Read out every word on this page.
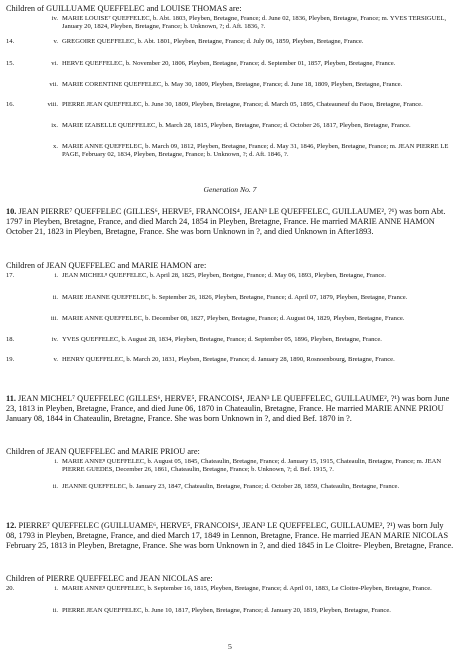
Children of GUILLUAME QUEFFELEC and LOUISE THOMAS are:
iv. MARIE LOUISE⁷ QUEFFELEC, b. Abt. 1803, Pleyben, Bretagne, France; d. June 02, 1836, Pleyben, Bretagne, France; m. YVES TERSIGUEL, January 20, 1824, Pleyben, Bretagne, France; b. Unknown, ?; d. Aft. 1836, ?.
14.	v. GREGOIRE QUEFFELEC, b. Abt. 1801, Pleyben, Bretagne, France; d. July 06, 1859, Pleyben, Bretagne, France.
15.	vi. HERVE QUEFFELEC, b. November 20, 1806, Pleyben, Bretagne, France; d. September 01, 1857, Pleyben, Bretagne, France.
vii. MARIE CORENTINE QUEFFELEC, b. May 30, 1809, Pleyben, Bretagne, France; d. June 18, 1809, Pleyben, Bretagne, France.
16.	viii. PIERRE JEAN QUEFFELEC, b. June 30, 1809, Pleyben, Bretagne, France; d. March 05, 1895, Chateauneuf du Faou, Bretagne, France.
ix. MARIE IZABELLE QUEFFELEC, b. March 28, 1815, Pleyben, Bretagne, France; d. October 26, 1817, Pleyben, Bretagne, France.
x. MARIE ANNE QUEFFELEC, b. March 09, 1812, Pleyben, Bretagne, France; d. May 31, 1846, Pleyben, Bretagne, France; m. JEAN PIERRE LE PAGE, February 02, 1834, Pleyben, Bretagne, France; b. Unknown, ?; d. Aft. 1846, ?.
Generation No. 7
10. JEAN PIERRE⁷ QUEFFELEC (GILLES⁶, HERVE⁵, FRANCOIS⁴, JEAN³ LE QUEFFELEC, GUILLAUME², ?¹) was born Abt. 1797 in Pleyben, Bretagne, France, and died March 24, 1854 in Pleyben, Bretagne, France. He married MARIE ANNE HAMON October 21, 1823 in Pleyben, Bretagne, France. She was born Unknown in ?, and died Unknown in After1893.
Children of JEAN QUEFFELEC and MARIE HAMON are:
17.	i. JEAN MICHEL⁸ QUEFFELEC, b. April 28, 1825, Pleyben, Bretgne, France; d. May 06, 1893, Pleyben, Bretagne, France.
ii. MARIE JEANNE QUEFFELEC, b. September 26, 1826, Pleyben, Bretagne, France; d. April 07, 1879, Pleyben, Bretagne, France.
iii. MARIE ANNE QUEFFELEC, b. December 08, 1827, Pleyben, Bretagne, France; d. August 04, 1829, Pleyben, Bretagne, France.
18.	iv. YVES QUEFFELEC, b. August 28, 1834, Pleyben, Bretagne, France; d. September 05, 1896, Pleyben, Bretagne, France.
19.	v. HENRY QUEFFELEC, b. March 20, 1831, Pleyben, Bretagne, France; d. January 28, 1890, Rosnoenbourg, Bretagne, France.
11. JEAN MICHEL⁷ QUEFFELEC (GILLES⁶, HERVE⁵, FRANCOIS⁴, JEAN³ LE QUEFFELEC, GUILLAUME², ?¹) was born June 23, 1813 in Pleyben, Bretagne, France, and died June 06, 1870 in Chateaulin, Bretagne, France. He married MARIE ANNE PRIOU January 08, 1844 in Chateaulin, Bretagne, France. She was born Unknown in ?, and died Bef. 1870 in ?.
Children of JEAN QUEFFELEC and MARIE PRIOU are:
i. MARIE ANNE⁸ QUEFFELEC, b. August 05, 1845, Chateaulin, Bretagne, France; d. January 15, 1915, Chateaulin, Bretagne, France; m. JEAN PIERRE GUEDES, December 26, 1861, Chateaulin, Bretagne, France; b. Unknown, ?; d. Bef. 1915, ?.
ii. JEANNE QUEFFELEC, b. January 23, 1847, Chateaulin, Bretagne, France; d. October 28, 1859, Chateaulin, Bretagne, France.
12. PIERRE⁷ QUEFFELEC (GUILLUAME⁶, HERVE⁵, FRANCOIS⁴, JEAN³ LE QUEFFELEC, GUILLAUME², ?¹) was born July 08, 1793 in Pleyben, Bretagne, France, and died March 17, 1849 in Lennon, Bretagne, France. He married JEAN MARIE NICOLAS February 25, 1813 in Pleyben, Bretagne, France. She was born Unknown in ?, and died 1845 in Le Cloitre- Pleyben, Bretagne, France.
Children of PIERRE QUEFFELEC and JEAN NICOLAS are:
20.	i. MARIE ANNE⁸ QUEFFELEC, b. September 16, 1815, Pleyben, Bretagne, France; d. April 01, 1883, Le Cloitre-Pleyben, Bretagne, France.
ii. PIERRE JEAN QUEFFELEC, b. June 10, 1817, Pleyben, Bretagne, France; d. January 20, 1819, Pleyben, Bretagne, France.
5
